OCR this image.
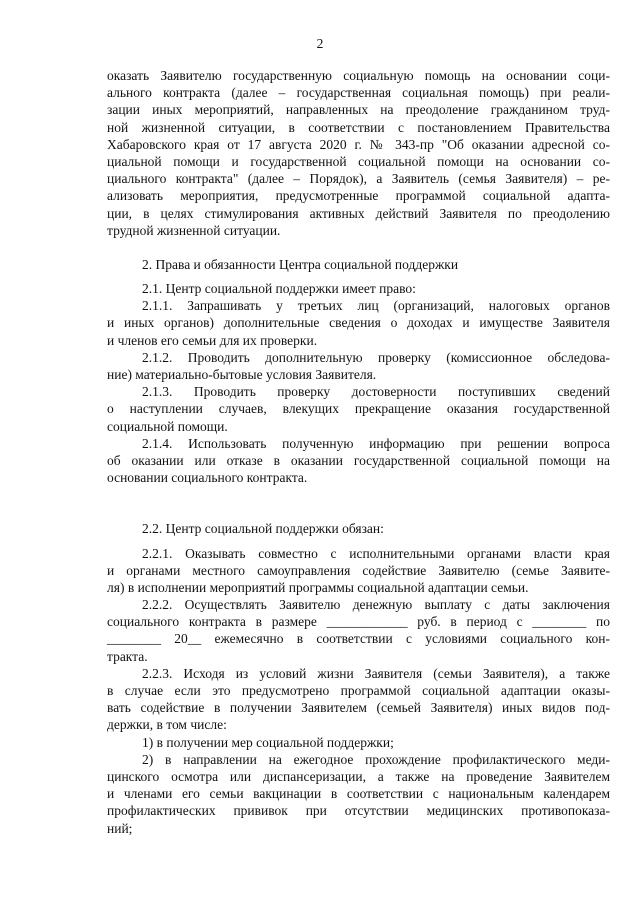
2
оказать Заявителю государственную социальную помощь на основании соци-
ального контракта (далее – государственная социальная помощь) при реали-
зации иных мероприятий, направленных на преодоление гражданином труд-
ной жизненной ситуации, в соответствии с постановлением Правительства
Хабаровского края от 17 августа 2020 г. № 343-пр "Об оказании адресной со-
циальной помощи и государственной социальной помощи на основании со-
циального контракта" (далее – Порядок), а Заявитель (семья Заявителя) – ре-
ализовать мероприятия, предусмотренные программой социальной адапта-
ции, в целях стимулирования активных действий Заявителя по преодолению
трудной жизненной ситуации.
2. Права и обязанности Центра социальной поддержки
2.1. Центр социальной поддержки имеет право:
2.1.1. Запрашивать у третьих лиц (организаций, налоговых органов
и иных органов) дополнительные сведения о доходах и имуществе Заявителя
и членов его семьи для их проверки.
2.1.2. Проводить дополнительную проверку (комиссионное обследова-
ние) материально-бытовые условия Заявителя.
2.1.3. Проводить проверку достоверности поступивших сведений
о наступлении случаев, влекущих прекращение оказания государственной
социальной помощи.
2.1.4. Использовать полученную информацию при решении вопроса
об оказании или отказе в оказании государственной социальной помощи на
основании социального контракта.
2.2. Центр социальной поддержки обязан:
2.2.1. Оказывать совместно с исполнительными органами власти края
и органами местного самоуправления содействие Заявителю (семье Заявите-
ля) в исполнении мероприятий программы социальной адаптации семьи.
2.2.2. Осуществлять Заявителю денежную выплату с даты заключения
социального контракта в размере ____________ руб. в период с ________ по
________ 20__ ежемесячно в соответствии с условиями социального кон-
тракта.
2.2.3. Исходя из условий жизни Заявителя (семьи Заявителя), а также
в случае если это предусмотрено программой социальной адаптации оказы-
вать содействие в получении Заявителем (семьей Заявителя) иных видов под-
держки, в том числе:
1) в получении мер социальной поддержки;
2) в направлении на ежегодное прохождение профилактического меди-
цинского осмотра или диспансеризации, а также на проведение Заявителем
и членами его семьи вакцинации в соответствии с национальным календарем
профилактических прививок при отсутствии медицинских противопоказа-
ний;
